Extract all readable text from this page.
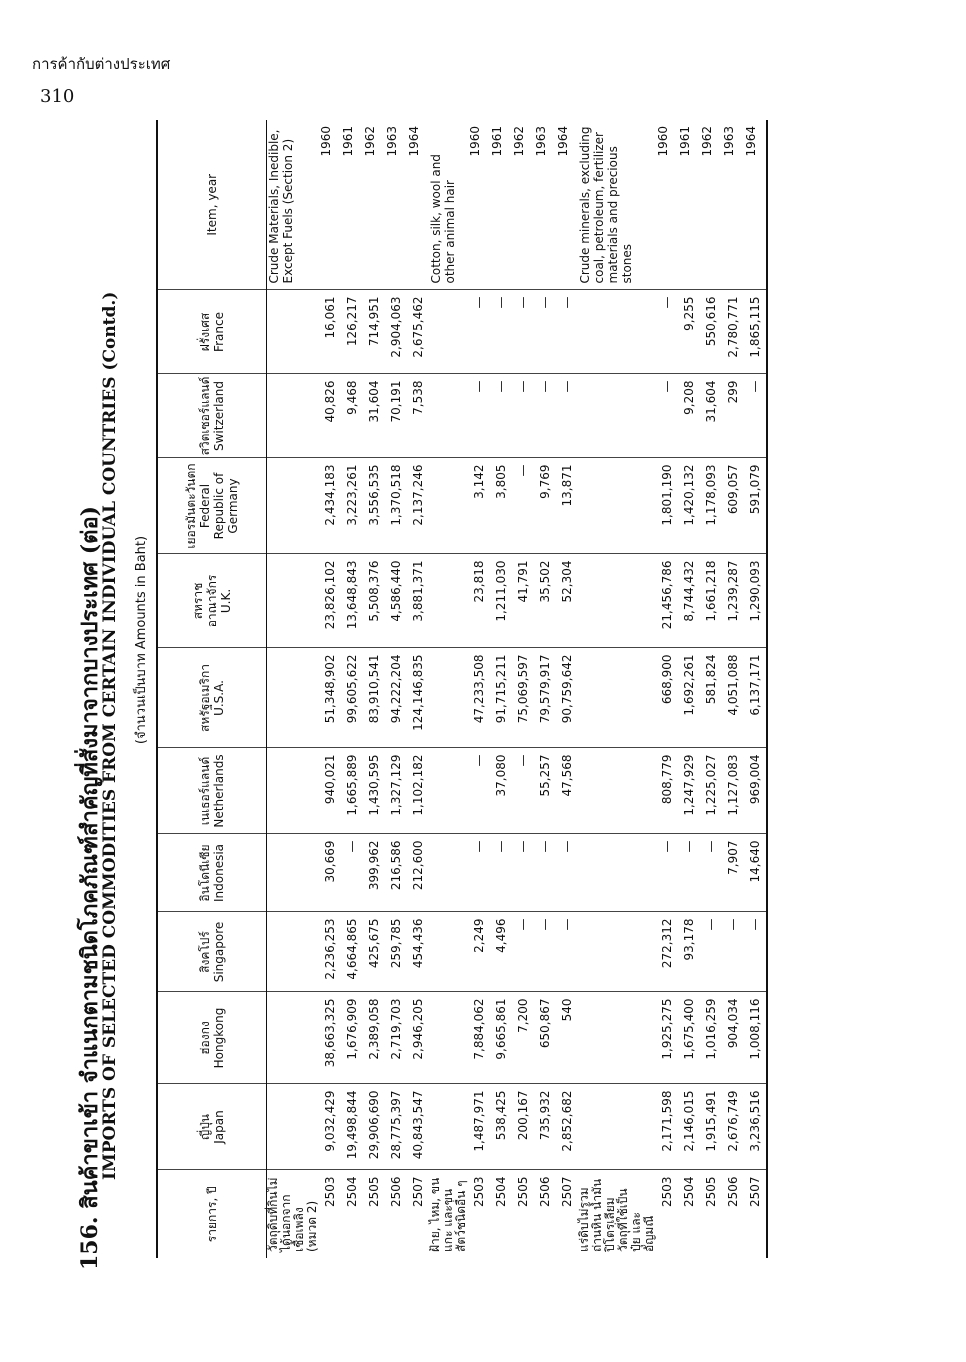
การค้ากับต่างประเทศ
310
156. สินค้าขาเข้า จำแนกตามชนิดโภคภัณฑ์สำคัญที่สั่งมาจากบางประเทศ (ต่อ)
IMPORTS OF SELECTED COMMODITIES FROM CERTAIN INDIVIDUAL COUNTRIES (Contd.)	(จำนวนเป็นบาท Amounts in Baht)
รายการ, ปี	ญี่ปุ่น Japan	ฮ่องกง Hongkong	สิงคโปร์ Singapore	อินโดนีเซีย Indonesia	เนเธอร์แลนด์ Netherlands	สหรัฐอเมริกา U.S.A.	สหราช อาณาจักร U.K.	เยอรมันตะวันตก Federal Republic of Germany	สวิตเซอร์แลนด์ Switzerland	ฝรั่งเศส France	Item, year

วัตถุดิบที่กินไม่ได้นอกจากเชื้อเพลิง (หมวด 2)											Crude Materials, Inedible, Except Fuels (Section 2)
2503	9,032,429	38,663,325	2,236,253	30,669	940,021	51,348,902	23,826,102	2,434,183	40,826	16,061	1960
2504	19,498,844	1,676,909	4,664,865	—	1,665,889	99,605,622	13,648,843	3,223,261	9,468	126,217	1961
2505	29,906,690	2,389,058	425,675	399,962	1,430,595	83,910,541	5,508,376	3,556,535	31,604	714,951	1962
2506	28,775,397	2,719,703	259,785	216,586	1,327,129	94,222,204	4,586,440	1,370,518	70,191	2,904,063	1963
2507	40,843,547	2,946,205	454,436	212,600	1,102,182	124,146,835	3,881,371	2,137,246	7,538	2,675,462	1964
ฝ้าย, ไหม, ขนแกะ และขนสัตว์ชนิดอื่น ๆ											Cotton, silk, wool and other animal hair
2503	1,487,971	7,884,062	2,249	—	—	47,233,508	23,818	3,142	—	—	1960
2504	538,425	9,665,861	4,496	—	37,080	91,715,211	1,211,030	3,805	—	—	1961
2505	200,167	7,200	—	—	—	75,069,597	41,791	—	—	—	1962
2506	735,932	650,867	—	—	55,257	79,579,917	35,502	9,769	—	—	1963
2507	2,852,682	540	—	—	47,568	90,759,642	52,304	13,871	—	—	1964
แร่ดิบไม่รวมถ่านหิน น้ำมันปิโตรเลียม วัตถุที่ใช้เป็นปุ๋ย และอัญมณี											Crude minerals, excluding coal, petroleum, fertilizer materials and precious stones
2503	2,171,598	1,925,275	272,312	—	808,779	668,900	21,456,786	1,801,190	—	—	1960
2504	2,146,015	1,675,400	93,178	—	1,247,929	1,692,261	8,744,432	1,420,132	9,208	9,255	1961
2505	1,915,491	1,016,259	—	—	1,225,027	581,824	1,661,218	1,178,093	31,604	550,616	1962
2506	2,676,749	904,034	—	7,907	1,127,083	4,051,088	1,239,287	609,057	299	2,780,771	1963
2507	3,236,516	1,008,116	—	14,640	969,004	6,137,171	1,290,093	591,079	—	1,865,115	1964
